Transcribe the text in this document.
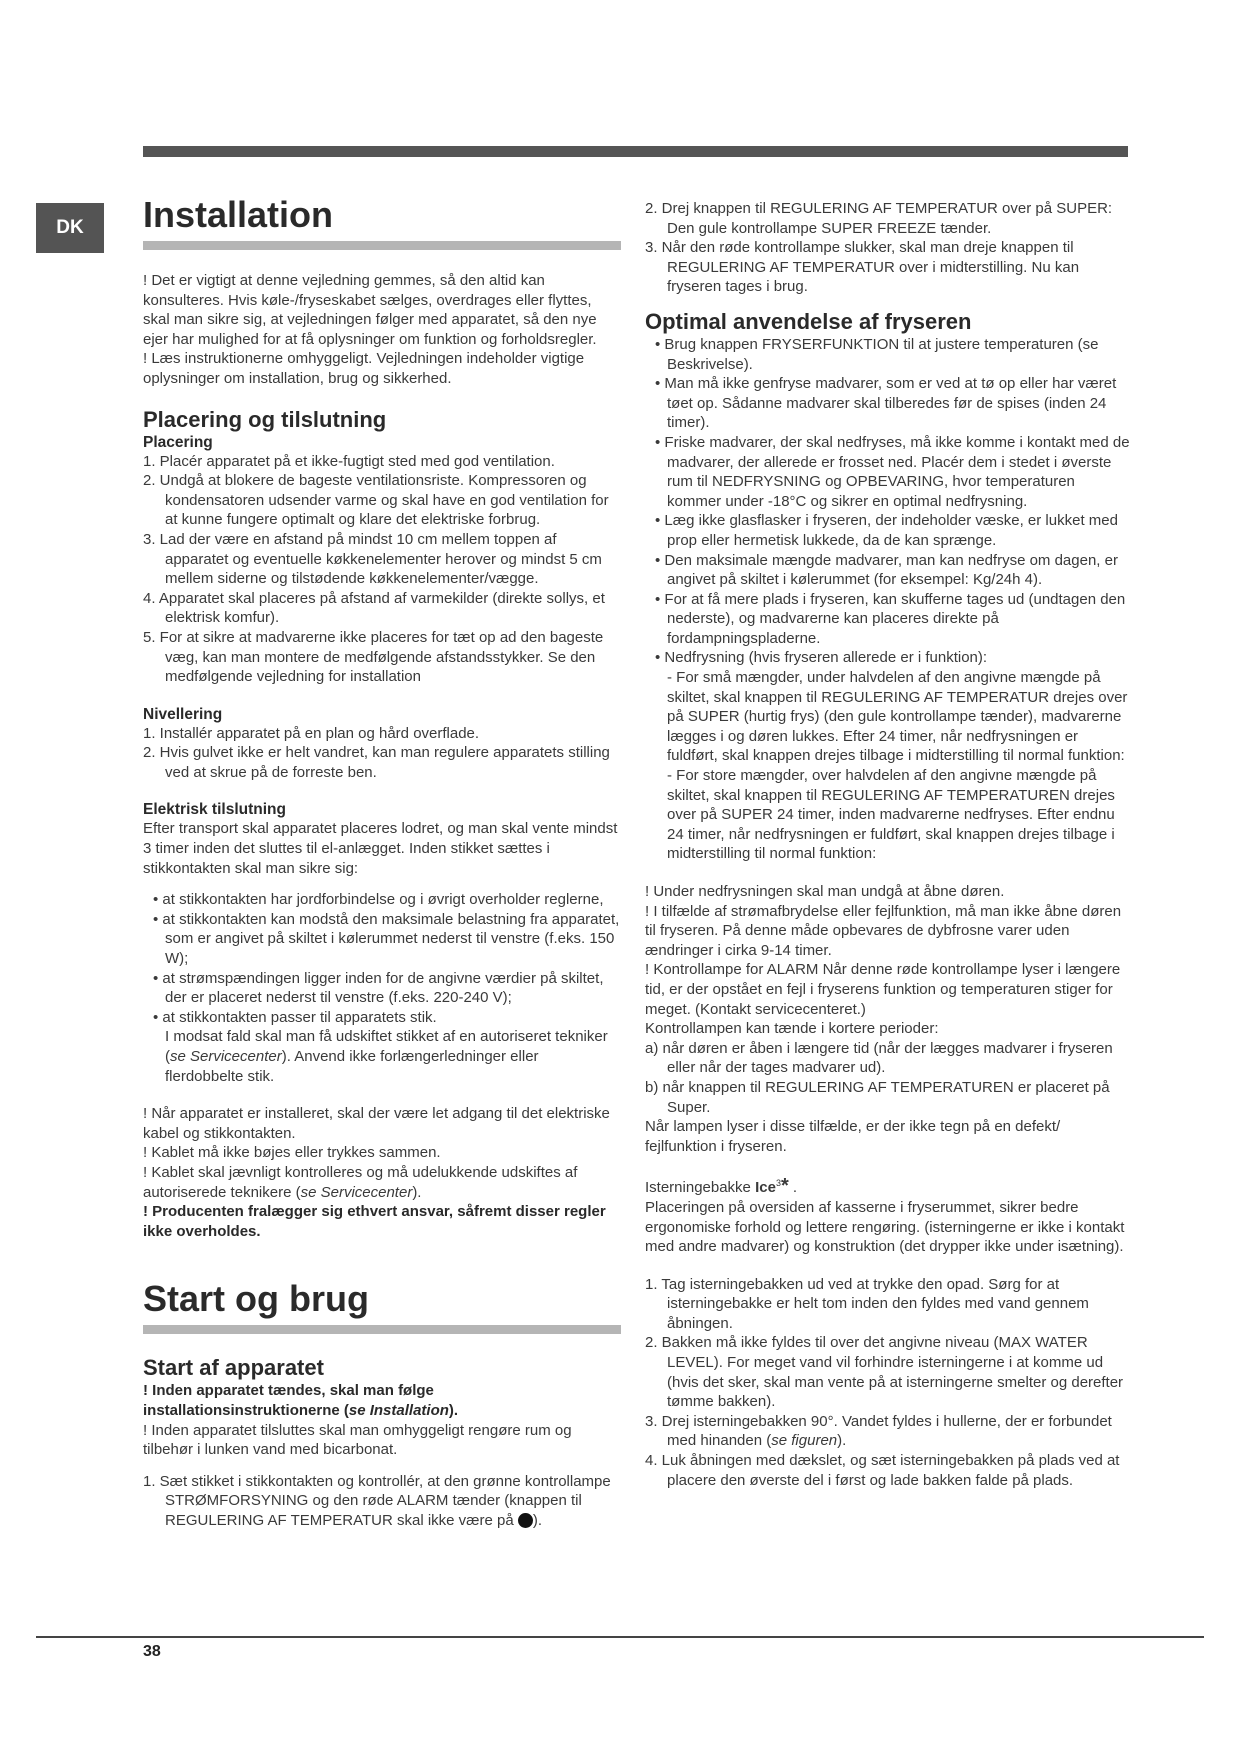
DK	Installation

! Det er vigtigt at denne vejledning gemmes, så den altid kan konsulteres. Hvis køle-/fryseskabet sælges, overdrages eller flyttes, skal man sikre sig, at vejledningen følger med apparatet, så den nye ejer har mulighed for at få oplysninger om funktion og forholdsregler.

! Læs instruktionerne omhyggeligt. Vejledningen indeholder vigtige oplysninger om installation, brug og sikkerhed.

Placering og tilslutning
Placering
1. Placér apparatet på et ikke-fugtigt sted med god ventilation.
2. Undgå at blokere de bageste ventilationsriste. Kompressoren og kondensatoren udsender varme og skal have en god ventilation for at kunne fungere optimalt og klare det elektriske forbrug.
3. Lad der være en afstand på mindst 10 cm mellem toppen af apparatet og eventuelle køkkenelementer herover og mindst 5 cm mellem siderne og tilstødende køkkenelementer/vægge.
4. Apparatet skal placeres på afstand af varmekilder (direkte sollys, et elektrisk komfur).
5. For at sikre at madvarerne ikke placeres for tæt op ad den bageste væg, kan man montere de medfølgende afstandsstykker. Se den medfølgende vejledning for installation
Nivellering
1. Installér apparatet på en plan og hård overflade.
2. Hvis gulvet ikke er helt vandret, kan man regulere apparatets stilling ved at skrue på de forreste ben.
Elektrisk tilslutning

Efter transport skal apparatet placeres lodret, og man skal vente mindst 3 timer inden det sluttes til el-anlægget. Inden stikket sættes i stikkontakten skal man sikre sig:

• at stikkontakten har jordforbindelse og i øvrigt overholder reglerne,
• at stikkontakten kan modstå den maksimale belastning fra apparatet, som er angivet på skiltet i kølerummet nederst til venstre (f.eks. 150 W);
• at strømspændingen ligger inden for de angivne værdier på skiltet, der er placeret nederst til venstre (f.eks. 220-240 V);
• at stikkontakten passer til apparatets stik.
I modsat fald skal man få udskiftet stikket af en autoriseret tekniker (se Servicecenter). Anvend ikke forlængerledninger eller flerdobbelte stik.

! Når apparatet er installeret, skal der være let adgang til det elektriske kabel og stikkontakten.

! Kablet må ikke bøjes eller trykkes sammen.

! Kablet skal jævnligt kontrolleres og må udelukkende udskiftes af autoriserede teknikere (se Servicecenter).

! Producenten fralægger sig ethvert ansvar, såfremt disser regler ikke overholdes.

Start og brug
Start af apparatet

! Inden apparatet tændes, skal man følge installationsinstruktionerne (se Installation).

! Inden apparatet tilsluttes skal man omhyggeligt rengøre rum og tilbehør i lunken vand med bicarbonat.

1. Sæt stikket i stikkontakten og kontrollér, at den grønne kontrollampe STRØMFORSYNING og den røde ALARM tænder (knappen til REGULERING AF TEMPERATUR skal ikke være på ).
2. Drej knappen til REGULERING AF TEMPERATUR over på SUPER: Den gule kontrollampe SUPER FREEZE tænder.
3. Når den røde kontrollampe slukker, skal man dreje knappen til REGULERING AF TEMPERATUR over i midterstilling. Nu kan fryseren tages i brug.
Optimal anvendelse af fryseren
• Brug knappen FRYSERFUNKTION til at justere temperaturen (se Beskrivelse).
• Man må ikke genfryse madvarer, som er ved at tø op eller har været tøet op. Sådanne madvarer skal tilberedes før de spises (inden 24 timer).
• Friske madvarer, der skal nedfryses, må ikke komme i kontakt med de madvarer, der allerede er frosset ned. Placér dem i stedet i øverste rum til NEDFRYSNING og OPBEVARING, hvor temperaturen kommer under -18°C og sikrer en optimal nedfrysning.
• Læg ikke glasflasker i fryseren, der indeholder væske, er lukket med prop eller hermetisk lukkede, da de kan sprænge.
• Den maksimale mængde madvarer, man kan nedfryse om dagen, er angivet på skiltet i kølerummet (for eksempel: Kg/24h 4).
• For at få mere plads i fryseren, kan skufferne tages ud (undtagen den nederste), og madvarerne kan placeres direkte på fordampningspladerne.
• Nedfrysning (hvis fryseren allerede er i funktion):
- For små mængder, under halvdelen af den angivne mængde på skiltet, skal knappen til REGULERING AF TEMPERATUR drejes over på SUPER (hurtig frys) (den gule kontrollampe tænder), madvarerne lægges i og døren lukkes. Efter 24 timer, når nedfrysningen er fuldført, skal knappen drejes tilbage i midterstilling til normal funktion:
- For store mængder, over halvdelen af den angivne mængde på skiltet, skal knappen til REGULERING AF TEMPERATUREN drejes over på SUPER 24 timer, inden madvarerne nedfryses. Efter endnu 24 timer, når nedfrysningen er fuldført, skal knappen drejes tilbage i midterstilling til normal funktion:

! Under nedfrysningen skal man undgå at åbne døren.

! I tilfælde af strømafbrydelse eller fejlfunktion, må man ikke åbne døren til fryseren. På denne måde opbevares de dybfrosne varer uden ændringer i cirka 9-14 timer.

! Kontrollampe for ALARM Når denne røde kontrollampe lyser i længere tid, er der opstået en fejl i fryserens funktion og temperaturen stiger for meget. (Kontakt servicecenteret.)

Kontrollampen kan tænde i kortere perioder:

a) når døren er åben i længere tid (når der lægges madvarer i fryseren eller når der tages madvarer ud).
b) når knappen til REGULERING AF TEMPERATUREN er placeret på Super.

Når lampen lyser i disse tilfælde, er der ikke tegn på en defekt/ fejlfunktion i fryseren.

Isterningebakke Ice$^3$* .

Placeringen på oversiden af kasserne i fryserummet, sikrer bedre ergonomiske forhold og lettere rengøring. (isterningerne er ikke i kontakt med andre madvarer) og konstruktion (det drypper ikke under isætning).

1. Tag isterningebakken ud ved at trykke den opad. Sørg for at isterningebakke er helt tom inden den fyldes med vand gennem åbningen.
2. Bakken må ikke fyldes til over det angivne niveau (MAX WATER LEVEL). For meget vand vil forhindre isterningerne i at komme ud (hvis det sker, skal man vente på at isterningerne smelter og derefter tømme bakken).
3. Drej isterningebakken 90°. Vandet fyldes i hullerne, der er forbundet med hinanden (se figuren).
4. Luk åbningen med dækslet, og sæt isterningebakken på plads ved at placere den øverste del i først og lade bakken falde på plads.
38
